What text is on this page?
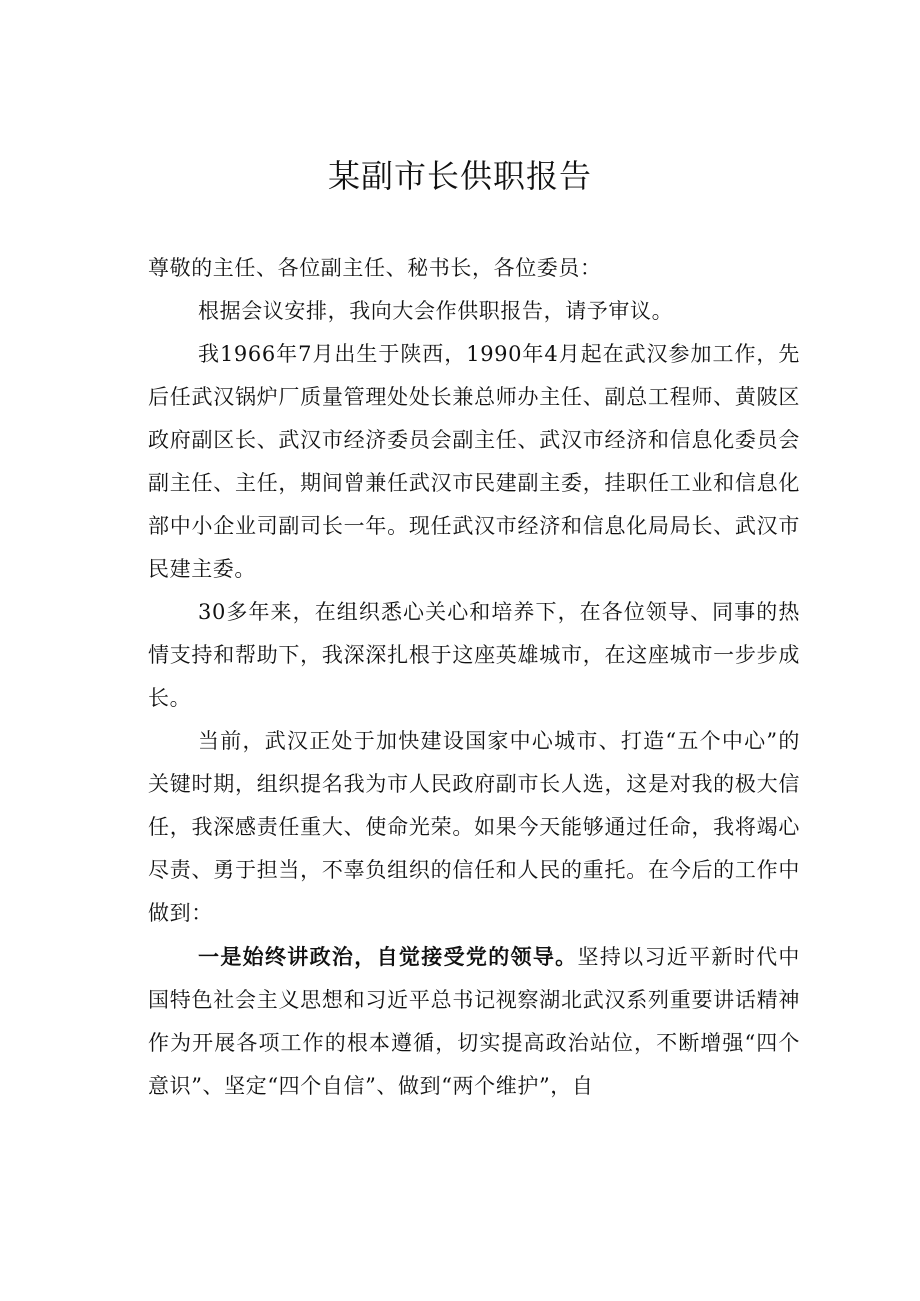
某副市长供职报告

尊敬的主任、各位副主任、秘书长，各位委员：

根据会议安排，我向大会作供职报告，请予审议。

我1966年7月出生于陕西，1990年4月起在武汉参加工作，先后任武汉锅炉厂质量管理处处长兼总师办主任、副总工程师、黄陂区政府副区长、武汉市经济委员会副主任、武汉市经济和信息化委员会副主任、主任，期间曾兼任武汉市民建副主委，挂职任工业和信息化部中小企业司副司长一年。现任武汉市经济和信息化局局长、武汉市民建主委。

30多年来，在组织悉心关心和培养下，在各位领导、同事的热情支持和帮助下，我深深扎根于这座英雄城市，在这座城市一步步成长。

当前，武汉正处于加快建设国家中心城市、打造“五个中心”的关键时期，组织提名我为市人民政府副市长人选，这是对我的极大信任，我深感责任重大、使命光荣。如果今天能够通过任命，我将竭心尽责、勇于担当，不辜负组织的信任和人民的重托。在今后的工作中做到：

一是始终讲政治，自觉接受党的领导。坚持以习近平新时代中国特色社会主义思想和习近平总书记视察湖北武汉系列重要讲话精神作为开展各项工作的根本遵循，切实提高政治站位，不断增强“四个意识”、坚定“四个自信”、做到“两个维护”，自
